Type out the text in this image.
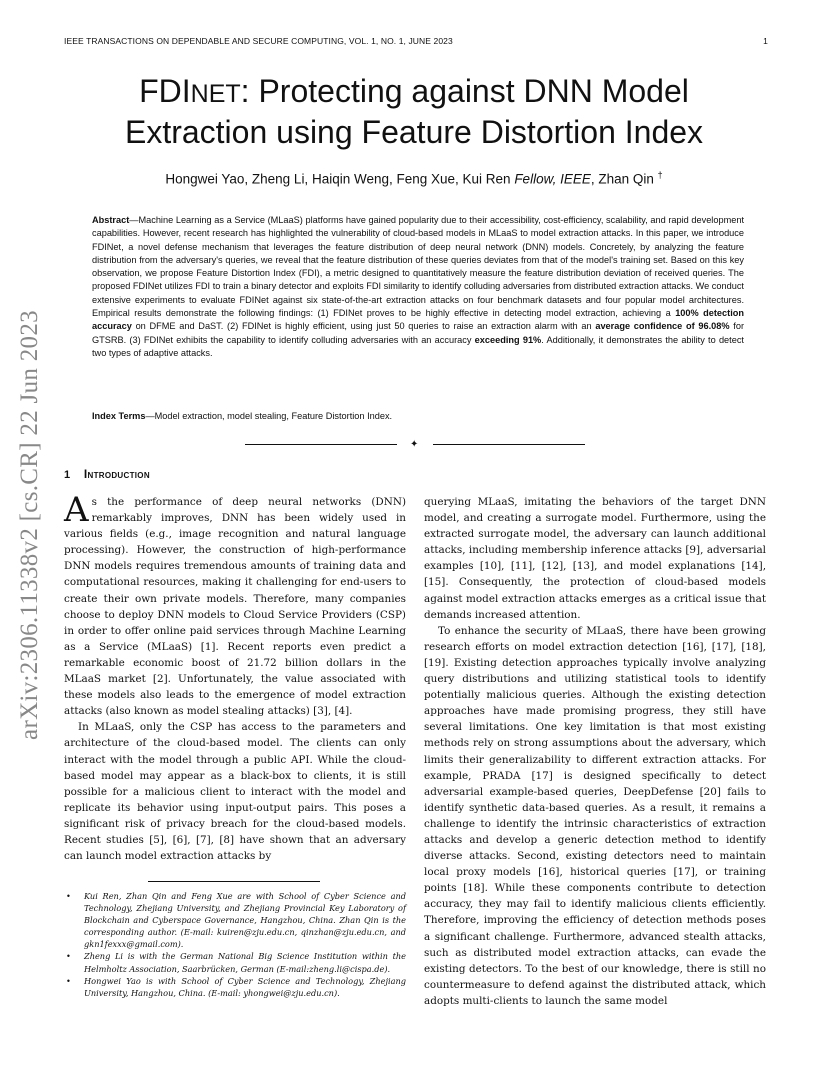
IEEE TRANSACTIONS ON DEPENDABLE AND SECURE COMPUTING, VOL. 1, NO. 1, JUNE 2023	1
arXiv:2306.11338v2 [cs.CR] 22 Jun 2023
FDINET: Protecting against DNN Model
Extraction using Feature Distortion Index
Hongwei Yao, Zheng Li, Haiqin Weng, Feng Xue, Kui Ren Fellow, IEEE, Zhan Qin †
Abstract—Machine Learning as a Service (MLaaS) platforms have gained popularity due to their accessibility, cost-efficiency, scalability, and rapid development capabilities. However, recent research has highlighted the vulnerability of cloud-based models in MLaaS to model extraction attacks. In this paper, we introduce FDINet, a novel defense mechanism that leverages the feature distribution of deep neural network (DNN) models. Concretely, by analyzing the feature distribution from the adversary's queries, we reveal that the feature distribution of these queries deviates from that of the model's training set. Based on this key observation, we propose Feature Distortion Index (FDI), a metric designed to quantitatively measure the feature distribution deviation of received queries. The proposed FDINet utilizes FDI to train a binary detector and exploits FDI similarity to identify colluding adversaries from distributed extraction attacks. We conduct extensive experiments to evaluate FDINet against six state-of-the-art extraction attacks on four benchmark datasets and four popular model architectures. Empirical results demonstrate the following findings: (1) FDINet proves to be highly effective in detecting model extraction, achieving a 100% detection accuracy on DFME and DaST. (2) FDINet is highly efficient, using just 50 queries to raise an extraction alarm with an average confidence of 96.08% for GTSRB. (3) FDINet exhibits the capability to identify colluding adversaries with an accuracy exceeding 91%. Additionally, it demonstrates the ability to detect two types of adaptive attacks.
Index Terms—Model extraction, model stealing, Feature Distortion Index.
✦
1 Introduction

As the performance of deep neural networks (DNN) remarkably improves, DNN has been widely used in various fields (e.g., image recognition and natural language processing). However, the construction of high-performance DNN models requires tremendous amounts of training data and computational resources, making it challenging for end-users to create their own private models. Therefore, many companies choose to deploy DNN models to Cloud Service Providers (CSP) in order to offer online paid services through Machine Learning as a Service (MLaaS) [1]. Recent reports even predict a remarkable economic boost of 21.72 billion dollars in the MLaaS market [2]. Unfortunately, the value associated with these models also leads to the emergence of model extraction attacks (also known as model stealing attacks) [3], [4].

In MLaaS, only the CSP has access to the parameters and architecture of the cloud-based model. The clients can only interact with the model through a public API. While the cloud-based model may appear as a black-box to clients, it is still possible for a malicious client to interact with the model and replicate its behavior using input-output pairs. This poses a significant risk of privacy breach for the cloud-based models. Recent studies [5], [6], [7], [8] have shown that an adversary can launch model extraction attacks by

• Kui Ren, Zhan Qin and Feng Xue are with School of Cyber Science and Technology, Zhejiang University, and Zhejiang Provincial Key Laboratory of Blockchain and Cyberspace Governance, Hangzhou, China. Zhan Qin is the corresponding author. (E-mail: kuiren@zju.edu.cn, qinzhan@zju.edu.cn, and gkn1fexxx@gmail.com).
• Zheng Li is with the German National Big Science Institution within the Helmholtz Association, Saarbrücken, German (E-mail:zheng.li@cispa.de).
• Hongwei Yao is with School of Cyber Science and Technology, Zhejiang University, Hangzhou, China. (E-mail: yhongwei@zju.edu.cn).

querying MLaaS, imitating the behaviors of the target DNN model, and creating a surrogate model. Furthermore, using the extracted surrogate model, the adversary can launch additional attacks, including membership inference attacks [9], adversarial examples [10], [11], [12], [13], and model explanations [14], [15]. Consequently, the protection of cloud-based models against model extraction attacks emerges as a critical issue that demands increased attention.

To enhance the security of MLaaS, there have been growing research efforts on model extraction detection [16], [17], [18], [19]. Existing detection approaches typically involve analyzing query distributions and utilizing statistical tools to identify potentially malicious queries. Although the existing detection approaches have made promising progress, they still have several limitations. One key limitation is that most existing methods rely on strong assumptions about the adversary, which limits their generalizability to different extraction attacks. For example, PRADA [17] is designed specifically to detect adversarial example-based queries, DeepDefense [20] fails to identify synthetic data-based queries. As a result, it remains a challenge to identify the intrinsic characteristics of extraction attacks and develop a generic detection method to identify diverse attacks. Second, existing detectors need to maintain local proxy models [16], historical queries [17], or training points [18]. While these components contribute to detection accuracy, they may fail to identify malicious clients efficiently. Therefore, improving the efficiency of detection methods poses a significant challenge. Furthermore, advanced stealth attacks, such as distributed model extraction attacks, can evade the existing detectors. To the best of our knowledge, there is still no countermeasure to defend against the distributed attack, which adopts multi-clients to launch the same model
